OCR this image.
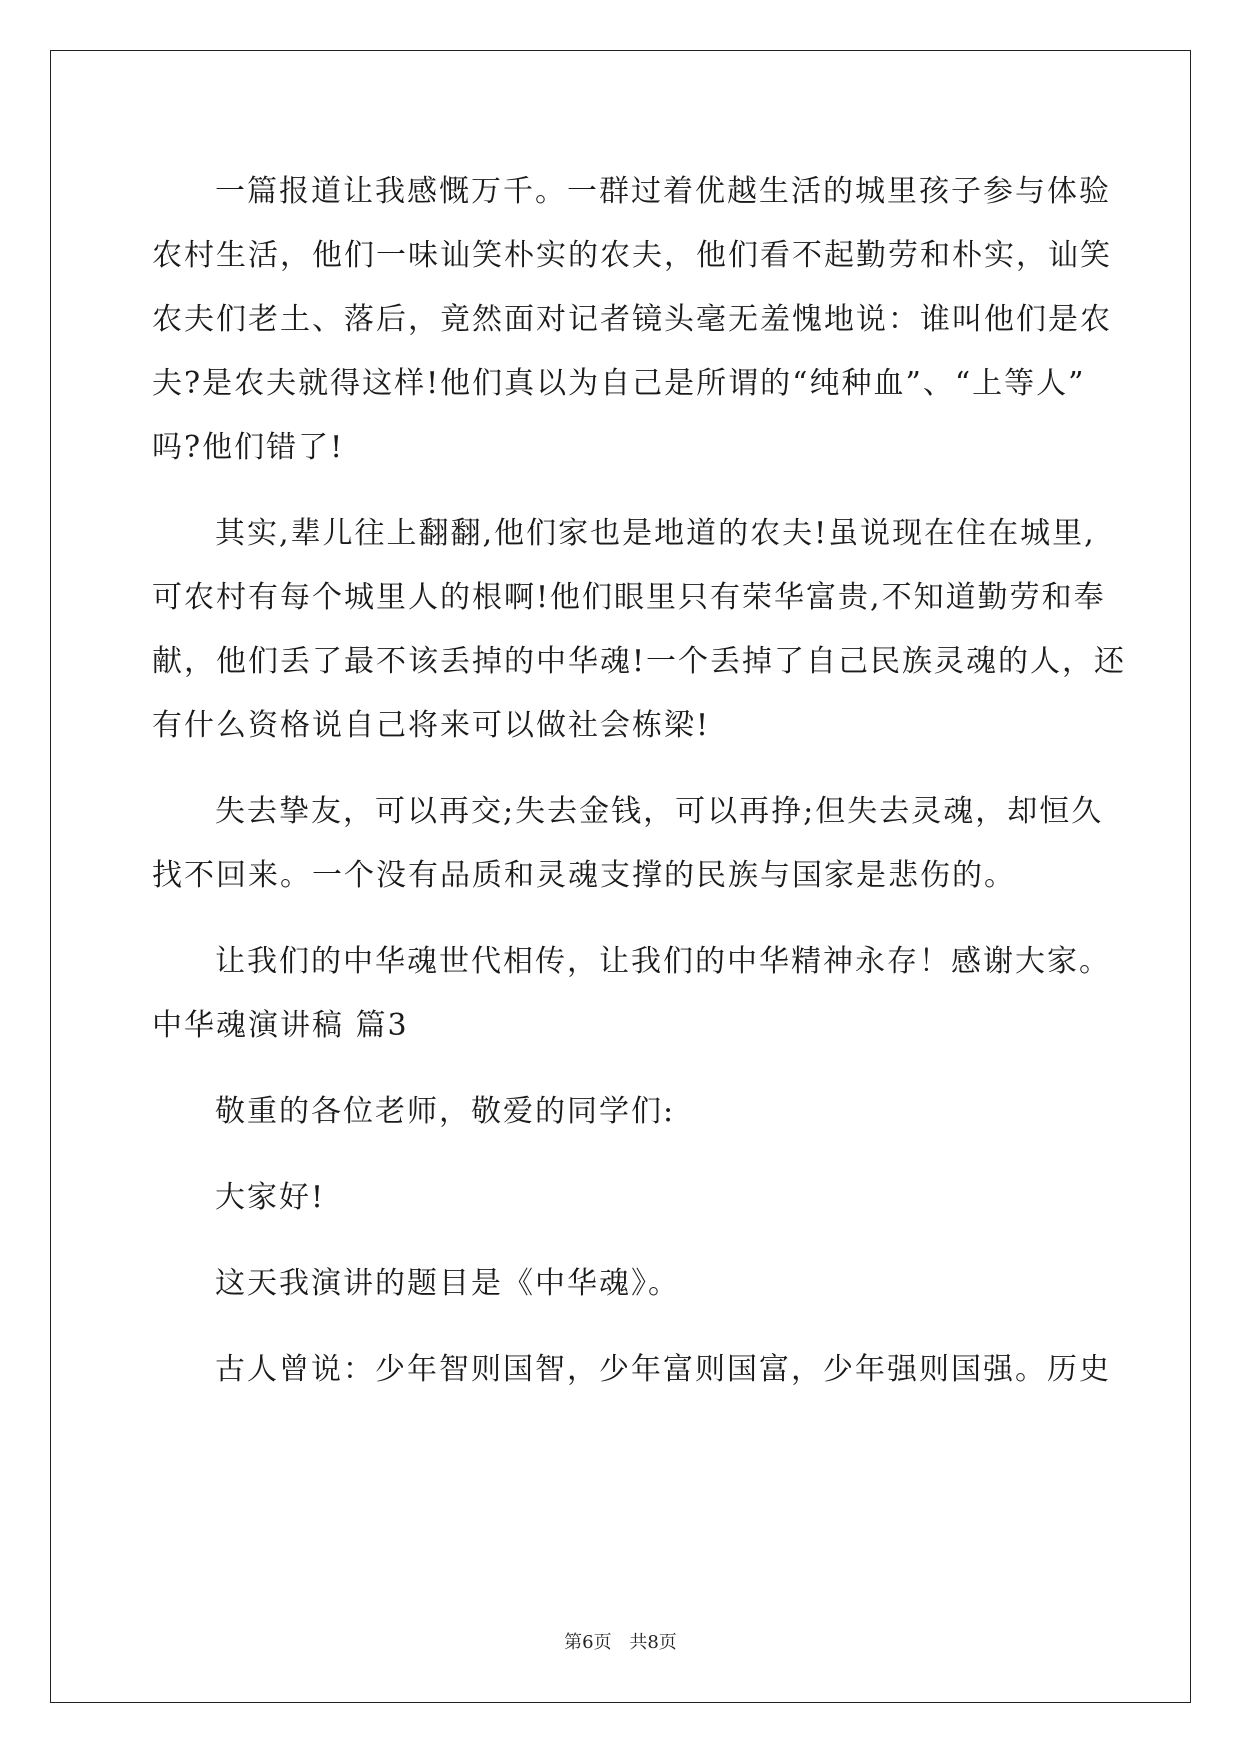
一篇报道让我感慨万千。一群过着优越生活的城里孩子参与体验
农村生活，他们一味讪笑朴实的农夫，他们看不起勤劳和朴实，讪笑
农夫们老土、落后，竟然面对记者镜头毫无羞愧地说：谁叫他们是农
夫?是农夫就得这样!他们真以为自己是所谓的“纯种血”、“上等人”
吗?他们错了!
其实,辈儿往上翻翻,他们家也是地道的农夫!虽说现在住在城里,
可农村有每个城里人的根啊!他们眼里只有荣华富贵,不知道勤劳和奉
献，他们丢了最不该丢掉的中华魂!一个丢掉了自己民族灵魂的人，还
有什么资格说自己将来可以做社会栋梁!
失去挚友，可以再交;失去金钱，可以再挣;但失去灵魂，却恒久
找不回来。一个没有品质和灵魂支撑的民族与国家是悲伤的。
让我们的中华魂世代相传，让我们的中华精神永存！感谢大家。
中华魂演讲稿 篇3
敬重的各位老师，敬爱的同学们:
大家好!
这天我演讲的题目是《中华魂》。
古人曾说：少年智则国智，少年富则国富，少年强则国强。历史
第6页 共8页
